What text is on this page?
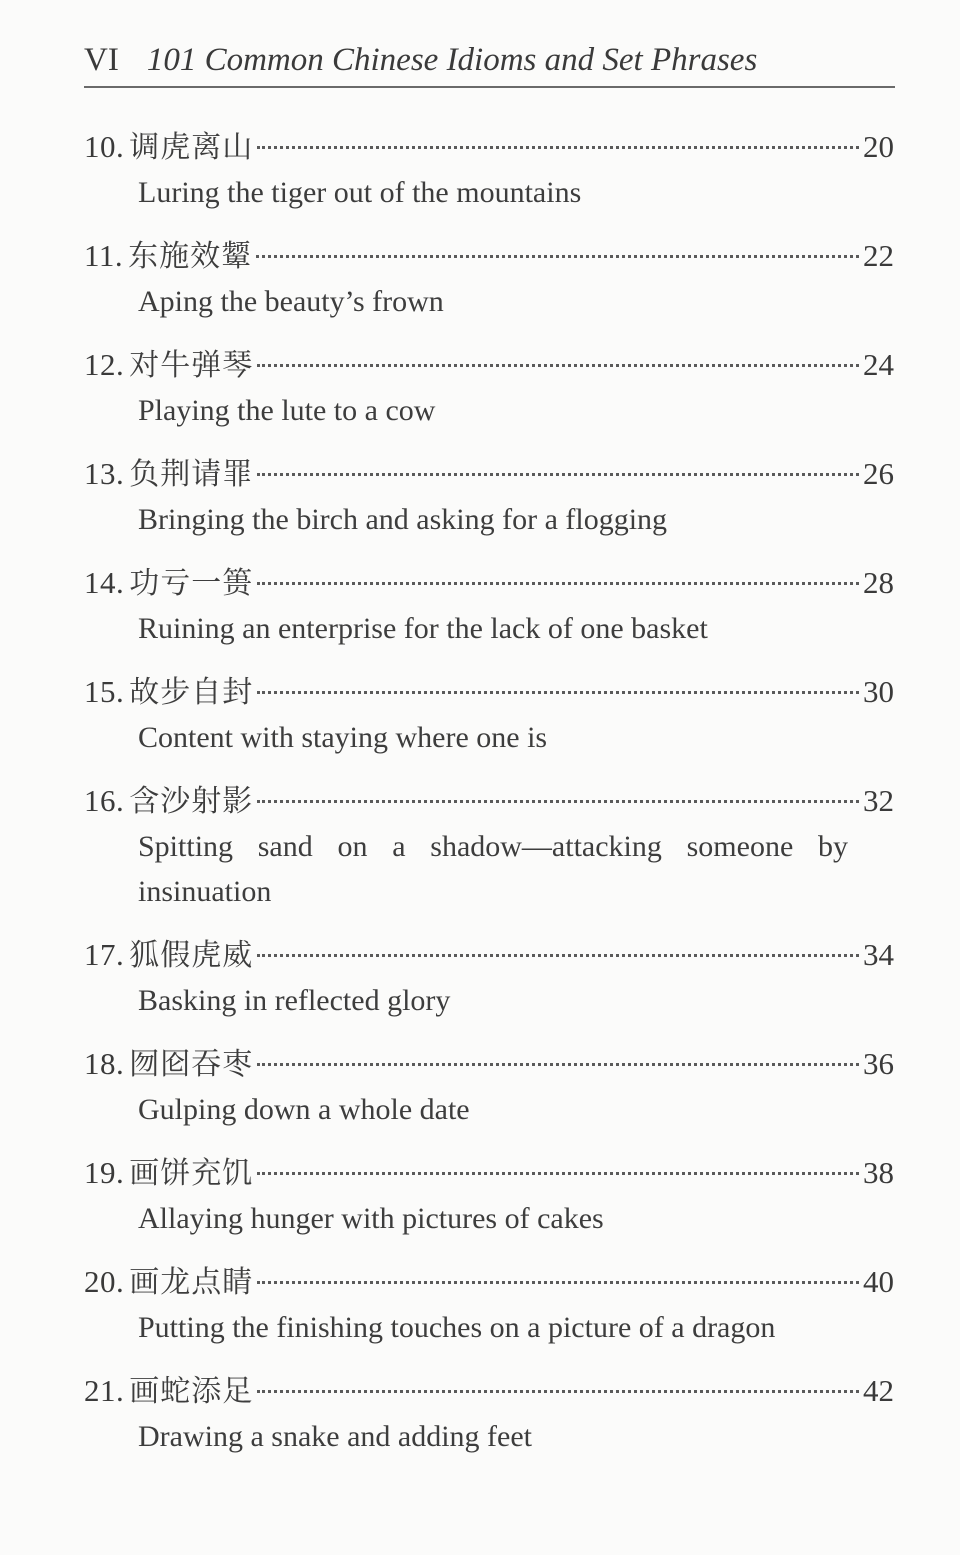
VI 101 Common Chinese Idioms and Set Phrases
10. 调虎离山	20
Luring the tiger out of the mountains
11. 东施效颦	22
Aping the beauty’s frown
12. 对牛弹琴	24
Playing the lute to a cow
13. 负荆请罪	26
Bringing the birch and asking for a flogging
14. 功亏一篑	28
Ruining an enterprise for the lack of one basket
15. 故步自封	30
Content with staying where one is
16. 含沙射影	32
Spitting sand on a shadow—attacking someone by
insinuation
17. 狐假虎威	34
Basking in reflected glory
18. 囫囵吞枣	36
Gulping down a whole date
19. 画饼充饥	38
Allaying hunger with pictures of cakes
20. 画龙点睛	40
Putting the finishing touches on a picture of a dragon
21. 画蛇添足	42
Drawing a snake and adding feet
